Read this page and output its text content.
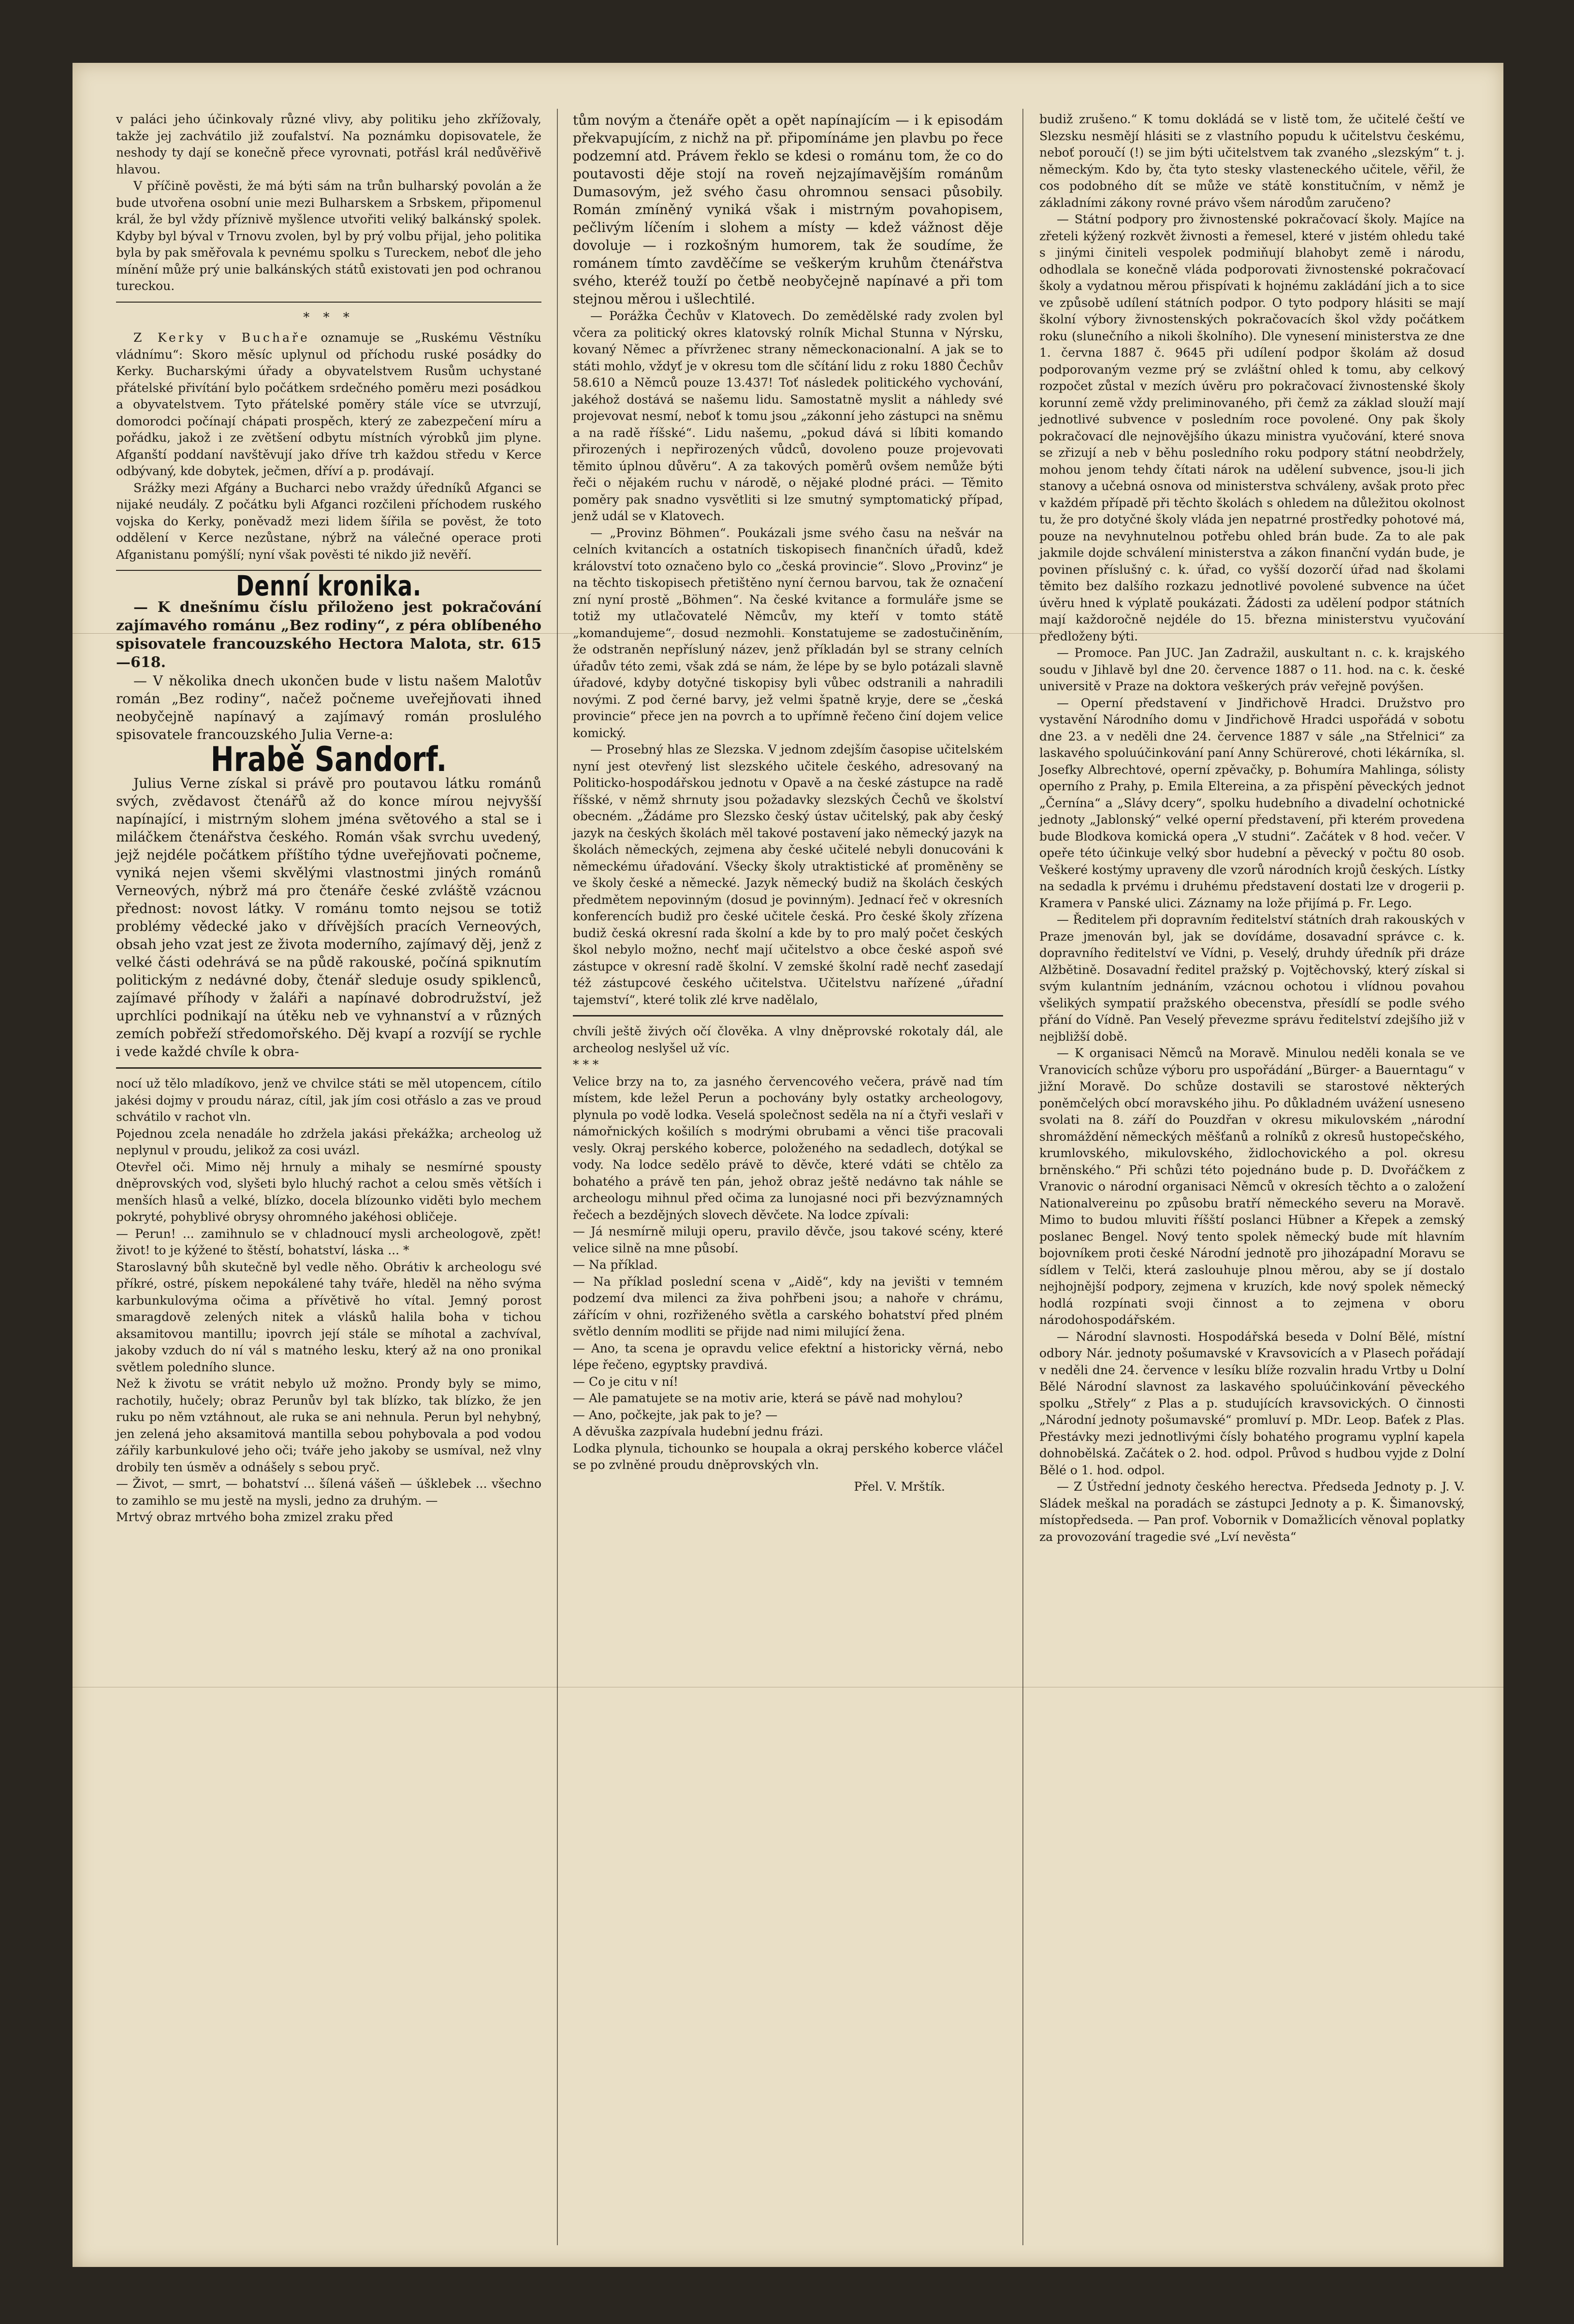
v paláci jeho účinkovaly různé vlivy, aby politiku jeho zkřížovaly, takže jej zachvátilo již zoufalství. Na poznámku dopisovatele, že neshody ty dají se konečně přece vyrovnati, potřásl král nedůvěřivě hlavou.

V příčině pověsti, že má býti sám na trůn bulharský povolán a že bude utvořena osobní unie mezi Bulharskem a Srbskem, připomenul král, že byl vždy příznivě myšlence utvořiti veliký balkánský spolek. Kdyby byl býval v Trnovu zvolen, byl by prý volbu přijal, jeho politika byla by pak směřovala k pevnému spolku s Tureckem, neboť dle jeho mínění může prý unie balkánských států existovati jen pod ochranou tureckou.

* * *

Z Kerky v Buchaře oznamuje se „Ruskému Věstníku vládnímu“: Skoro měsíc uplynul od příchodu ruské posádky do Kerky. Bucharskými úřady a obyvatelstvem Rusům uchystané přátelské přivítání bylo počátkem srdečného poměru mezi posádkou a obyvatelstvem. Tyto přátelské poměry stále více se utvrzují, domorodci počínají chápati prospěch, který ze zabezpečení míru a pořádku, jakož i ze zvětšení odbytu místních výrobků jim plyne. Afganští poddaní navštěvují jako dříve trh každou středu v Kerce odbývaný, kde dobytek, ječmen, dříví a p. prodávají.

Srážky mezi Afgány a Bucharci nebo vraždy úředníků Afganci se nijaké neudály. Z počátku byli Afganci rozčileni příchodem ruského vojska do Kerky, poněvadž mezi lidem šířila se pověst, že toto oddělení v Kerce nezůstane, nýbrž na válečné operace proti Afganistanu pomýšlí; nyní však pověsti té nikdo již nevěří.

Denní kronika.

— K dnešnímu číslu přiloženo jest pokračování zajímavého románu „Bez rodiny“, z péra oblíbeného spisovatele francouzského Hectora Malota, str. 615—618.

— V několika dnech ukončen bude v listu našem Malotův román „Bez rodiny“, načež počneme uveřejňovati ihned neobyčejně napínavý a zajímavý román proslulého spisovatele francouzského Julia Verne-a:

Hrabě Sandorf.

Julius Verne získal si právě pro poutavou látku románů svých, zvědavost čtenářů až do konce mírou nejvyšší napínající, i mistrným slohem jména světového a stal se i miláčkem čtenářstva českého. Román však svrchu uvedený, jejž nejdéle počátkem příštího týdne uveřejňovati počneme, vyniká nejen všemi skvělými vlastnostmi jiných románů Verneových, nýbrž má pro čtenáře české zvláště vzácnou přednost: novost látky. V románu tomto nejsou se totiž problémy vědecké jako v dřívějších pracích Verneových, obsah jeho vzat jest ze života moderního, zajímavý děj, jenž z velké části odehrává se na půdě rakouské, počíná spiknutím politickým z nedávné doby, čtenář sleduje osudy spiklenců, zajímavé příhody v žaláři a napínavé dobrodružství, jež uprchlíci podnikají na útěku neb ve vyhnanství a v různých zemích pobřeží středomořského. Děj kvapí a rozvíjí se rychle i vede každé chvíle k obra-

nocí už tělo mladíkovo, jenž ve chvilce státi se měl utopencem, cítilo jakési dojmy v proudu náraz, cítil, jak jím cosi otřáslo a zas ve proud schvátilo v rachot vln.
Pojednou zcela nenadále ho zdržela jakási překážka; archeolog už neplynul v proudu, jelikož za cosi uvázl.
Otevřel oči. Mimo něj hrnuly a mihaly se nesmírné spousty dněprovských vod, slyšeti bylo hluchý rachot a celou směs větších i menších hlasů a velké, blízko, docela blízounko viděti bylo mechem pokryté, pohyblivé obrysy ohromného jakéhosi obličeje.
— Perun! ... zamihnulo se v chladnoucí mysli archeologově, zpět! život! to je kýžené to štěstí, bohatství, láska ... *
Staroslavný bůh skutečně byl vedle něho. Obrátiv k archeologu své příkré, ostré, pískem nepokálené tahy tváře, hleděl na něho svýma karbunkulovýma očima a přívětivě ho vítal. Jemný porost smaragdově zelených nitek a vlásků halila boha v tichou aksamitovou mantillu; ipovrch její stále se míhotal a zachvíval, jakoby vzduch do ní vál s matného lesku, který až na ono pronikal světlem poledního slunce.
Než k životu se vrátit nebylo už možno. Prondy byly se mimo, rachotily, hučely; obraz Perunův byl tak blízko, tak blízko, že jen ruku po něm vztáhnout, ale ruka se ani nehnula. Perun byl nehybný, jen zelená jeho aksamitová mantilla sebou pohybovala a pod vodou zářily karbunkulové jeho oči; tváře jeho jakoby se usmíval, než vlny drobily ten úsměv a odnášely s sebou pryč.
— Život, — smrt, — bohatství ... šílená vášeň — úšklebek ... všechno to zamihlo se mu jestě na mysli, jedno za druhým. —
Mrtvý obraz mrtvého boha zmizel zraku před

tům novým a čtenáře opět a opět napínajícím — i k episodám překvapujícím, z nichž na př. připomínáme jen plavbu po řece podzemní atd. Právem řeklo se kdesi o románu tom, že co do poutavosti děje stojí na roveň nejzajímavějším románům Dumasovým, jež svého času ohromnou sensaci působily. Román zmíněný vyniká však i mistrným povahopisem, pečlivým líčením i slohem a místy — kdež vážnost děje dovoluje — i rozkošným humorem, tak že soudíme, že románem tímto zavděčíme se veškerým kruhům čtenářstva svého, kteréž touží po četbě neobyčejně napínavé a při tom stejnou měrou i ušlechtilé.

— Porážka Čechův v Klatovech. Do zemědělské rady zvolen byl včera za politický okres klatovský rolník Michal Stunna v Nýrsku, kovaný Němec a přívrženec strany německonacionalní. A jak se to státi mohlo, vždyť je v okresu tom dle sčítání lidu z roku 1880 Čechův 58.610 a Němců pouze 13.437! Toť následek politického vychování, jakéhož dostává se našemu lidu. Samostatně myslit a náhledy své projevovat nesmí, neboť k tomu jsou „zákonní jeho zástupci na sněmu a na radě říšské“. Lidu našemu, „pokud dává si líbiti komando přirozených i nepřirozených vůdců, dovoleno pouze projevovati těmito úplnou důvěru“. A za takových poměrů ovšem nemůže býti řeči o nějakém ruchu v národě, o nějaké plodné práci. — Těmito poměry pak snadno vysvětliti si lze smutný symptomatický případ, jenž udál se v Klatovech.

— „Provinz Böhmen“. Poukázali jsme svého času na nešvár na celních kvitancích a ostatních tiskopisech finančních úřadů, kdež království toto označeno bylo co „česká provincie“. Slovo „Provinz“ je na těchto tiskopisech přetištěno nyní černou barvou, tak že označení zní nyní prostě „Böhmen“. Na české kvitance a formuláře jsme se totiž my utlačovatelé Němcův, my kteří v tomto státě „komandujeme“, dosud nezmohli. Konstatujeme se zadostučiněním, že odstraněn nepřísluný název, jenž příkladán byl se strany celních úřadův této zemi, však zdá se nám, že lépe by se bylo potázali slavně úřadové, kdyby dotyčné tiskopisy byli vůbec odstranili a nahradili novými. Z pod černé barvy, jež velmi špatně kryje, dere se „česká provincie“ přece jen na povrch a to upřímně řečeno činí dojem velice komický.

— Prosebný hlas ze Slezska. V jednom zdejším časopise učitelském nyní jest otevřený list slezského učitele českého, adresovaný na Politicko-hospodářskou jednotu v Opavě a na české zástupce na radě říšské, v němž shrnuty jsou požadavky slezských Čechů ve školství obecném. „Žádáme pro Slezsko český ústav učitelský, pak aby český jazyk na českých školách měl takové postavení jako německý jazyk na školách německých, zejmena aby české učitelé nebyli donucováni k německému úřadování. Všecky školy utraktistické ať proměněny se ve školy české a německé. Jazyk německý budiž na školách českých předmětem nepovinným (dosud je povinným). Jednací řeč v okresních konferencích budiž pro české učitele česká. Pro české školy zřízena budiž česká okresní rada školní a kde by to pro malý počet českých škol nebylo možno, nechť mají učitelstvo a obce české aspoň své zástupce v okresní radě školní. V zemské školní radě nechť zasedají též zástupcové českého učitelstva. Učitelstvu nařízené „úřadní tajemství“, které tolik zlé krve nadělalo,

chvíli ještě živých očí člověka. A vlny dněprovské rokotaly dál, ale archeolog neslyšel už víc.
* * *
Velice brzy na to, za jasného červencového večera, právě nad tím místem, kde ležel Perun a pochovány byly ostatky archeologovy, plynula po vodě lodka. Veselá společnost seděla na ní a čtyři veslaři v námořnických košilích s modrými obrubami a věnci tiše pracovali vesly. Okraj perského koberce, položeného na sedadlech, dotýkal se vody. Na lodce sedělo právě to děvče, které vdáti se chtělo za bohatého a právě ten pán, jehož obraz ještě nedávno tak náhle se archeologu mihnul před očima za lunojasné noci při bezvýznamných řečech a bezdějných slovech děvčete. Na lodce zpívali:
— Já nesmírně miluji operu, pravilo děvče, jsou takové scény, které velice silně na mne působí.
— Na příklad.
— Na příklad poslední scena v „Aidě“, kdy na jevišti v temném podzemí dva milenci za živa pohřbeni jsou; a nahoře v chrámu, zářícím v ohni, rozřiženého světla a carského bohatství před plném světlo denním modliti se přijde nad nimi milující žena.
— Ano, ta scena je opravdu velice efektní a historicky věrná, nebo lépe řečeno, egyptsky pravdivá.
— Co je citu v ní!
— Ale pamatujete se na motiv arie, která se pávě nad mohylou?
— Ano, počkejte, jak pak to je? —
A děvuška zazpívala hudební jednu frázi.
Lodka plynula, tichounko se houpala a okraj perského koberce vláčel se po zvlněné proudu dněprovských vln.

Přel. V. Mrštík.

budiž zrušeno.“ K tomu dokládá se v listě tom, že učitelé čeští ve Slezsku nesmějí hlásiti se z vlastního popudu k učitelstvu českému, neboť poroučí (!) se jim býti učitelstvem tak zvaného „slezským“ t. j. německým. Kdo by, čta tyto stesky vlasteneckého učitele, věřil, že cos podobného dít se může ve státě konstitučním, v němž je základními zákony rovné právo všem národům zaručeno?

— Státní podpory pro živnostenské pokračovací školy. Majíce na zřeteli kýžený rozkvět živnosti a řemesel, které v jistém ohledu také s jinými činiteli vespolek podmiňují blahobyt země i národu, odhodlala se konečně vláda podporovati živnostenské pokračovací školy a vydatnou měrou přispívati k hojnému zakládání jich a to sice ve způsobě udílení státních podpor. O tyto podpory hlásiti se mají školní výbory živnostenských pokračovacích škol vždy počátkem roku (slunečního a nikoli školního). Dle vynesení ministerstva ze dne 1. června 1887 č. 9645 při udílení podpor školám až dosud podporovaným vezme prý se zvláštní ohled k tomu, aby celkový rozpočet zůstal v mezích úvěru pro pokračovací živnostenské školy korunní země vždy preliminovaného, při čemž za základ slouží mají jednotlivé subvence v posledním roce povolené. Ony pak školy pokračovací dle nejnovějšího úkazu ministra vyučování, které snova se zřizují a neb v běhu posledního roku podpory státní neobdržely, mohou jenom tehdy čítati nárok na udělení subvence, jsou-li jich stanovy a učebná osnova od ministerstva schváleny, avšak proto přec v každém případě při těchto školách s ohledem na důležitou okolnost tu, že pro dotyčné školy vláda jen nepatrné prostředky pohotové má, pouze na nevyhnutelnou potřebu ohled brán bude. Za to ale pak jakmile dojde schválení ministerstva a zákon finanční vydán bude, je povinen příslušný c. k. úřad, co vyšší dozorčí úřad nad školami těmito bez dalšího rozkazu jednotlivé povolené subvence na účet úvěru hned k výplatě poukázati. Žádosti za udělení podpor státních mají každoročně nejdéle do 15. března ministerstvu vyučování předloženy býti.

— Promoce. Pan JUC. Jan Zadražil, auskultant n. c. k. krajského soudu v Jihlavě byl dne 20. července 1887 o 11. hod. na c. k. české universitě v Praze na doktora veškerých práv veřejně povýšen.

— Operní představení v Jindřichově Hradci. Družstvo pro vystavění Národního domu v Jindřichově Hradci uspořádá v sobotu dne 23. a v neděli dne 24. července 1887 v sále „na Střelnici“ za laskavého spoluúčinkování paní Anny Schürerové, choti lékárníka, sl. Josefky Albrechtové, operní zpěvačky, p. Bohumíra Mahlinga, sólisty operního z Prahy, p. Emila Eltereina, a za přispění pěveckých jednot „Černína“ a „Slávy dcery“, spolku hudebního a divadelní ochotnické jednoty „Jablonský“ velké operní představení, při kterém provedena bude Blodkova komická opera „V studni“. Začátek v 8 hod. večer. V opeře této účinkuje velký sbor hudební a pěvecký v počtu 80 osob. Veškeré kostýmy upraveny dle vzorů národních krojů českých. Lístky na sedadla k prvému i druhému představení dostati lze v drogerii p. Kramera v Panské ulici. Záznamy na lože přijímá p. Fr. Lego.

— Ředitelem při dopravním ředitelství státních drah rakouských v Praze jmenován byl, jak se dovídáme, dosavadní správce c. k. dopravního ředitelství ve Vídni, p. Veselý, druhdy úředník při dráze Alžbětině. Dosavadní ředitel pražský p. Vojtěchovský, který získal si svým kulantním jednáním, vzácnou ochotou i vlídnou povahou všelikých sympatií pražského obecenstva, přesídlí se podle svého přání do Vídně. Pan Veselý převezme správu ředitelství zdejšího již v nejbližší době.

— K organisaci Němců na Moravě. Minulou neděli konala se ve Vranovicích schůze výboru pro uspořádání „Bürger- a Bauerntagu“ v jižní Moravě. Do schůze dostavili se starostové některých poněmčelých obcí moravského jihu. Po důkladném uvážení usneseno svolati na 8. září do Pouzdřan v okresu mikulovském „národní shromáždění německých měšťanů a rolníků z okresů hustopečského, krumlovského, mikulovského, židlochovického a pol. okresu brněnského.“ Při schůzi této pojednáno bude p. D. Dvořáčkem z Vranovic o národní organisaci Němců v okresích těchto a o založení Nationalvereinu po způsobu bratří německého severu na Moravě. Mimo to budou mluviti říšští poslanci Hübner a Křepek a zemský poslanec Bengel. Nový tento spolek německý bude mít hlavním bojovníkem proti české Národní jednotě pro jihozápadní Moravu se sídlem v Telči, která zaslouhuje plnou měrou, aby se jí dostalo nejhojnější podpory, zejmena v kruzích, kde nový spolek německý hodlá rozpínati svoji činnost a to zejmena v oboru národohospodářském.

— Národní slavnosti. Hospodářská beseda v Dolní Bělé, místní odbory Nár. jednoty pošumavské v Kravsovicích a v Plasech pořádají v neděli dne 24. července v lesíku blíže rozvalin hradu Vrtby u Dolní Bělé Národní slavnost za laskavého spoluúčinkování pěveckého spolku „Střely“ z Plas a p. studujících kravsovických. O činnosti „Národní jednoty pošumavské“ promluví p. MDr. Leop. Baťek z Plas. Přestávky mezi jednotlivými čísly bohatého programu vyplní kapela dohnobělská. Začátek o 2. hod. odpol. Průvod s hudbou vyjde z Dolní Bělé o 1. hod. odpol.

— Z Ústřední jednoty českého herectva. Předseda Jednoty p. J. V. Sládek meškal na poradách se zástupci Jednoty a p. K. Šimanovský, místopředseda. — Pan prof. Vobornik v Domažlicích věnoval poplatky za provozování tragedie své „Lví nevěsta“
